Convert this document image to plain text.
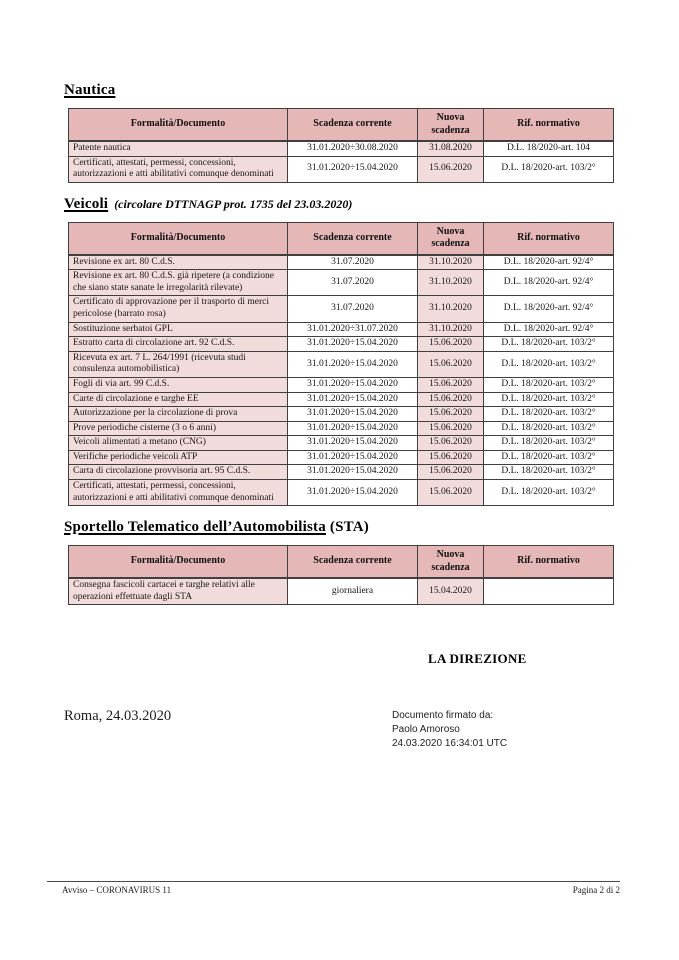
Nautica
Formalità/Documento	Scadenza corrente	Nuova scadenza	Rif. normativo
Patente nautica	31.01.2020÷30.08.2020	31.08.2020	D.L. 18/2020-art. 104
Certificati, attestati, permessi, concessioni, autorizzazioni e atti abilitativi comunque denominati	31.01.2020÷15.04.2020	15.06.2020	D.L. 18/2020-art. 103/2°
Veicoli (circolare DTTNAGP prot. 1735 del 23.03.2020)
Formalità/Documento	Scadenza corrente	Nuova scadenza	Rif. normativo
Revisione ex art. 80 C.d.S.	31.07.2020	31.10.2020	D.L. 18/2020-art. 92/4°
Revisione ex art. 80 C.d.S. già ripetere (a condizione che siano state sanate le irregolarità rilevate)	31.07.2020	31.10.2020	D.L. 18/2020-art. 92/4°
Certificato di approvazione per il trasporto di merci pericolose (barrato rosa)	31.07.2020	31.10.2020	D.L. 18/2020-art. 92/4°
Sostituzione serbatoi GPL	31.01.2020÷31.07.2020	31.10.2020	D.L. 18/2020-art. 92/4°
Estratto carta di circolazione art. 92 C.d.S.	31.01.2020÷15.04.2020	15.06.2020	D.L. 18/2020-art. 103/2°
Ricevuta ex art. 7 L. 264/1991 (ricevuta studi consulenza automobilistica)	31.01.2020÷15.04.2020	15.06.2020	D.L. 18/2020-art. 103/2°
Fogli di via art. 99 C.d.S.	31.01.2020÷15.04.2020	15.06.2020	D.L. 18/2020-art. 103/2°
Carte di circolazione e targhe EE	31.01.2020÷15.04.2020	15.06.2020	D.L. 18/2020-art. 103/2°
Autorizzazione per la circolazione di prova	31.01.2020÷15.04.2020	15.06.2020	D.L. 18/2020-art. 103/2°
Prove periodiche cisterne (3 o 6 anni)	31.01.2020÷15.04.2020	15.06.2020	D.L. 18/2020-art. 103/2°
Veicoli alimentati a metano (CNG)	31.01.2020÷15.04.2020	15.06.2020	D.L. 18/2020-art. 103/2°
Verifiche periodiche veicoli ATP	31.01.2020÷15.04.2020	15.06.2020	D.L. 18/2020-art. 103/2°
Carta di circolazione provvisoria art. 95 C.d.S.	31.01.2020÷15.04.2020	15.06.2020	D.L. 18/2020-art. 103/2°
Certificati, attestati, permessi, concessioni, autorizzazioni e atti abilitativi comunque denominati	31.01.2020÷15.04.2020	15.06.2020	D.L. 18/2020-art. 103/2°
Sportello Telematico dell’Automobilista (STA)
Formalità/Documento	Scadenza corrente	Nuova scadenza	Rif. normativo
Consegna fascicoli cartacei e targhe relativi alle operazioni effettuate dagli STA	giornaliera	15.04.2020	
LA DIREZIONE
Roma, 24.03.2020	Documento firmato da:
Paolo Amoroso
24.03.2020 16:34:01 UTC
Avviso – CORONAVIRUS 11	Pagina 2 di 2
